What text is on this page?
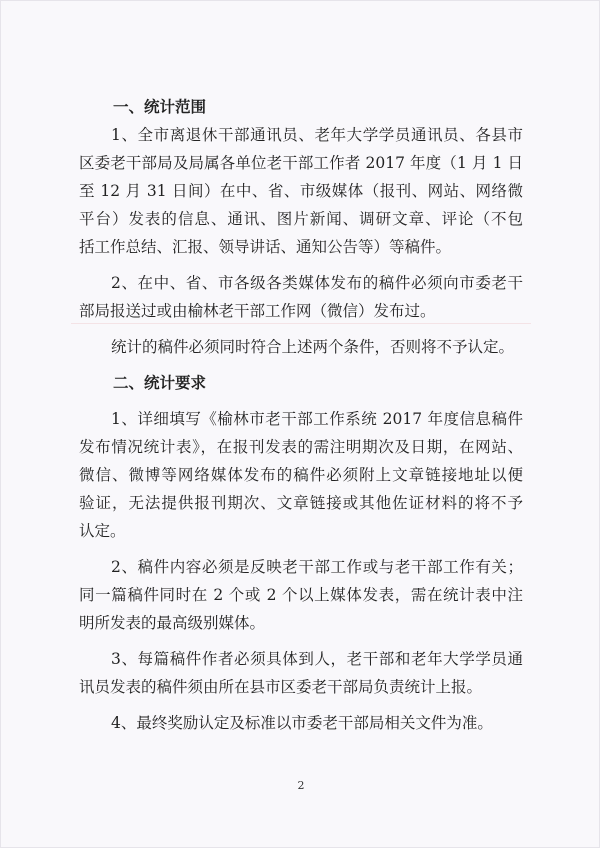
一、统计范围
1、全市离退休干部通讯员、老年大学学员通讯员、各县市
区委老干部局及局属各单位老干部工作者 2017 年度（1 月 1 日
至 12 月 31 日间）在中、省、市级媒体（报刊、网站、网络微
平台）发表的信息、通讯、图片新闻、调研文章、评论（不包
括工作总结、汇报、领导讲话、通知公告等）等稿件。
2、在中、省、市各级各类媒体发布的稿件必须向市委老干
部局报送过或由榆林老干部工作网（微信）发布过。
统计的稿件必须同时符合上述两个条件，否则将不予认定。
二、统计要求
1、详细填写《榆林市老干部工作系统 2017 年度信息稿件
发布情况统计表》，在报刊发表的需注明期次及日期，在网站、
微信、微博等网络媒体发布的稿件必须附上文章链接地址以便
验证，无法提供报刊期次、文章链接或其他佐证材料的将不予
认定。
2、稿件内容必须是反映老干部工作或与老干部工作有关；
同一篇稿件同时在 2 个或 2 个以上媒体发表，需在统计表中注
明所发表的最高级别媒体。
3、每篇稿件作者必须具体到人，老干部和老年大学学员通
讯员发表的稿件须由所在县市区委老干部局负责统计上报。
4、最终奖励认定及标准以市委老干部局相关文件为准。
2
